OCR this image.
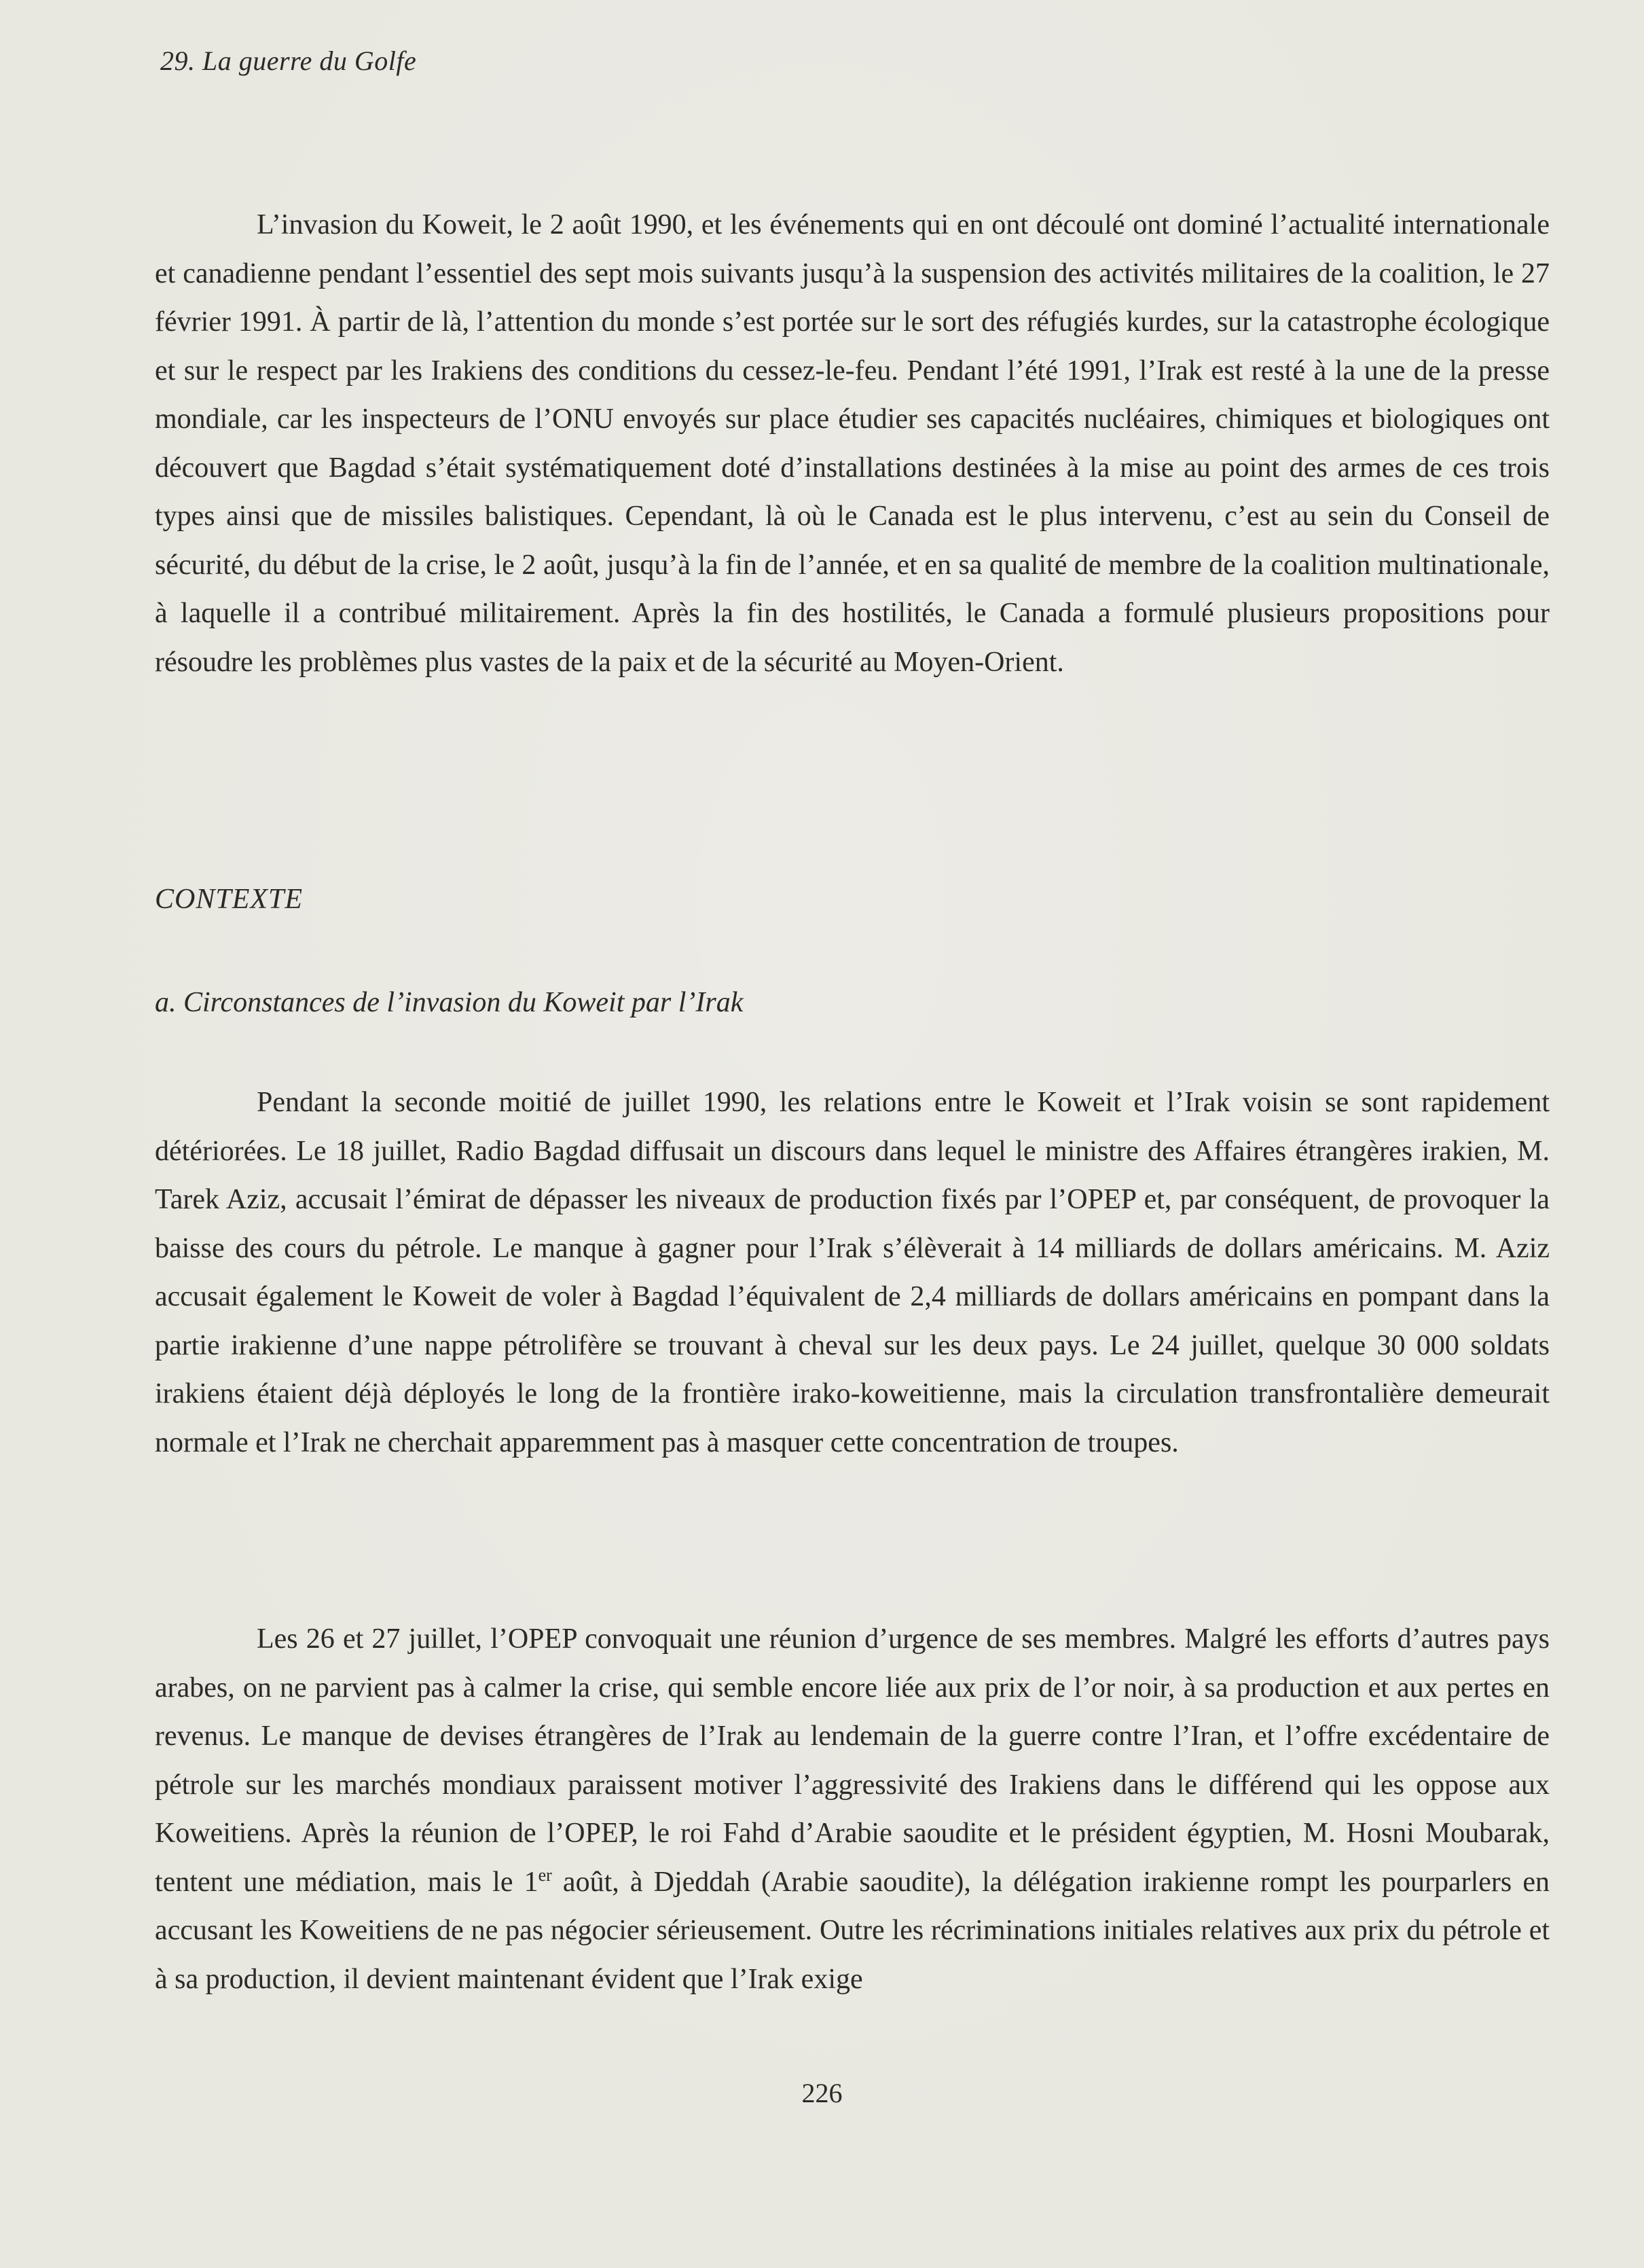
29. La guerre du Golfe

L’invasion du Koweit, le 2 août 1990, et les événements qui en ont découlé ont dominé l’actualité internationale et canadienne pendant l’essentiel des sept mois suivants jusqu’à la suspension des activités militaires de la coalition, le 27 février 1991. À partir de là, l’attention du monde s’est portée sur le sort des réfugiés kurdes, sur la catastrophe écologique et sur le respect par les Irakiens des conditions du cessez-le-feu. Pendant l’été 1991, l’Irak est resté à la une de la presse mondiale, car les inspecteurs de l’ONU envoyés sur place étudier ses capacités nucléaires, chimiques et biologiques ont découvert que Bagdad s’était systématiquement doté d’installations destinées à la mise au point des armes de ces trois types ainsi que de missiles balistiques. Cependant, là où le Canada est le plus intervenu, c’est au sein du Conseil de sécurité, du début de la crise, le 2 août, jusqu’à la fin de l’année, et en sa qualité de membre de la coalition multinationale, à laquelle il a contribué militairement. Après la fin des hostilités, le Canada a formulé plusieurs propositions pour résoudre les problèmes plus vastes de la paix et de la sécurité au Moyen-Orient.

CONTEXTE
a. Circonstances de l’invasion du Koweit par l’Irak

Pendant la seconde moitié de juillet 1990, les relations entre le Koweit et l’Irak voisin se sont rapidement détériorées. Le 18 juillet, Radio Bagdad diffusait un discours dans lequel le ministre des Affaires étrangères irakien, M. Tarek Aziz, accusait l’émirat de dépasser les niveaux de production fixés par l’OPEP et, par conséquent, de provoquer la baisse des cours du pétrole. Le manque à gagner pour l’Irak s’élèverait à 14 milliards de dollars américains. M. Aziz accusait également le Koweit de voler à Bagdad l’équivalent de 2,4 milliards de dollars américains en pompant dans la partie irakienne d’une nappe pétrolifère se trouvant à cheval sur les deux pays. Le 24 juillet, quelque 30 000 soldats irakiens étaient déjà déployés le long de la frontière irako-koweitienne, mais la circulation transfrontalière demeurait normale et l’Irak ne cherchait apparemment pas à masquer cette concentration de troupes.

Les 26 et 27 juillet, l’OPEP convoquait une réunion d’urgence de ses membres. Malgré les efforts d’autres pays arabes, on ne parvient pas à calmer la crise, qui semble encore liée aux prix de l’or noir, à sa production et aux pertes en revenus. Le manque de devises étrangères de l’Irak au lendemain de la guerre contre l’Iran, et l’offre excédentaire de pétrole sur les marchés mondiaux paraissent motiver l’aggressivité des Irakiens dans le différend qui les oppose aux Koweitiens. Après la réunion de l’OPEP, le roi Fahd d’Arabie saoudite et le président égyptien, M. Hosni Moubarak, tentent une médiation, mais le 1er août, à Djeddah (Arabie saoudite), la délégation irakienne rompt les pourparlers en accusant les Koweitiens de ne pas négocier sérieusement. Outre les récriminations initiales relatives aux prix du pétrole et à sa production, il devient maintenant évident que l’Irak exige

226
